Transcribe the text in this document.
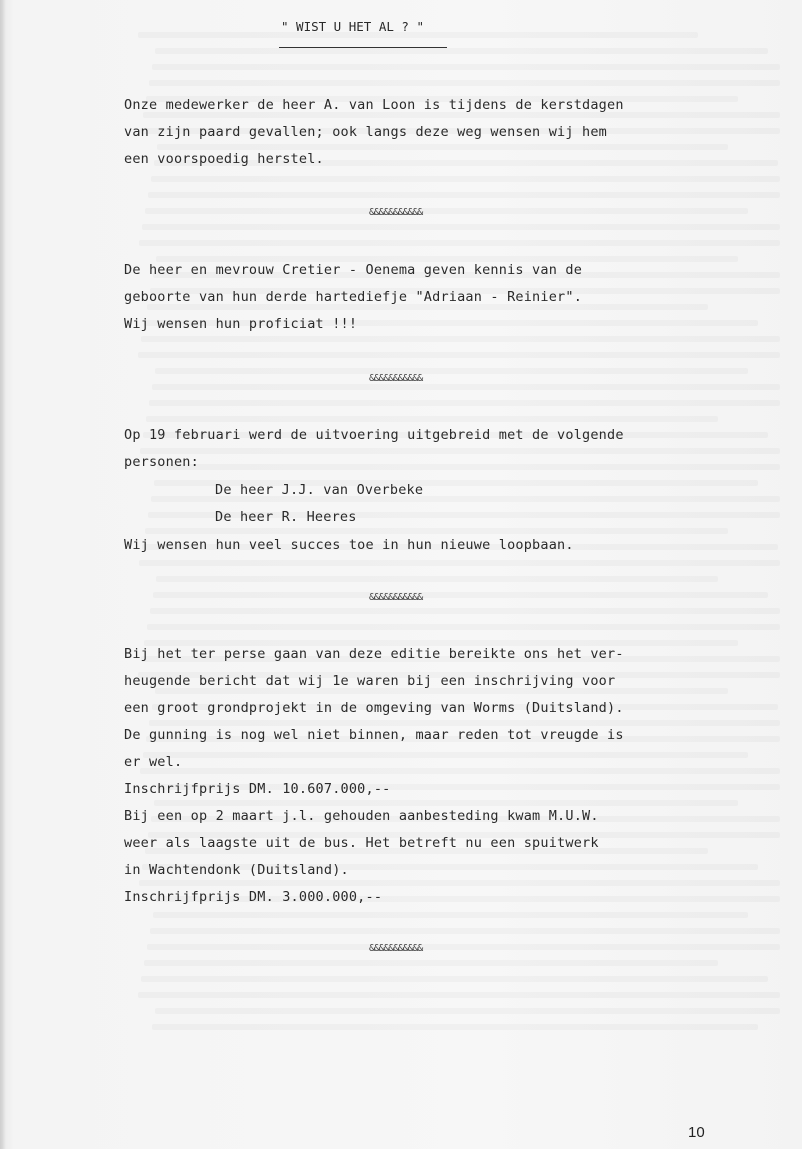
" WIST U HET AL ? "
Onze medewerker de heer A. van Loon is tijdens de kerstdagen
van zijn paard gevallen; ook langs deze weg wensen wij hem
een voorspoedig herstel.
&&&&&&&&&&&
De heer en mevrouw Cretier - Oenema geven kennis van de
geboorte van hun derde hartediefje "Adriaan - Reinier".
Wij wensen hun proficiat !!!
&&&&&&&&&&&
Op 19 februari werd de uitvoering uitgebreid met de volgende
personen:
De heer J.J. van Overbeke
De heer R. Heeres
Wij wensen hun veel succes toe in hun nieuwe loopbaan.
&&&&&&&&&&&
Bij het ter perse gaan van deze editie bereikte ons het ver-
heugende bericht dat wij 1e waren bij een inschrijving voor
een groot grondprojekt in de omgeving van Worms (Duitsland).
De gunning is nog wel niet binnen, maar reden tot vreugde is
er wel.
Inschrijfprijs DM. 10.607.000,--
Bij een op 2 maart j.l. gehouden aanbesteding kwam M.U.W.
weer als laagste uit de bus. Het betreft nu een spuitwerk
in Wachtendonk (Duitsland).
Inschrijfprijs DM. 3.000.000,--
&&&&&&&&&&&
10
